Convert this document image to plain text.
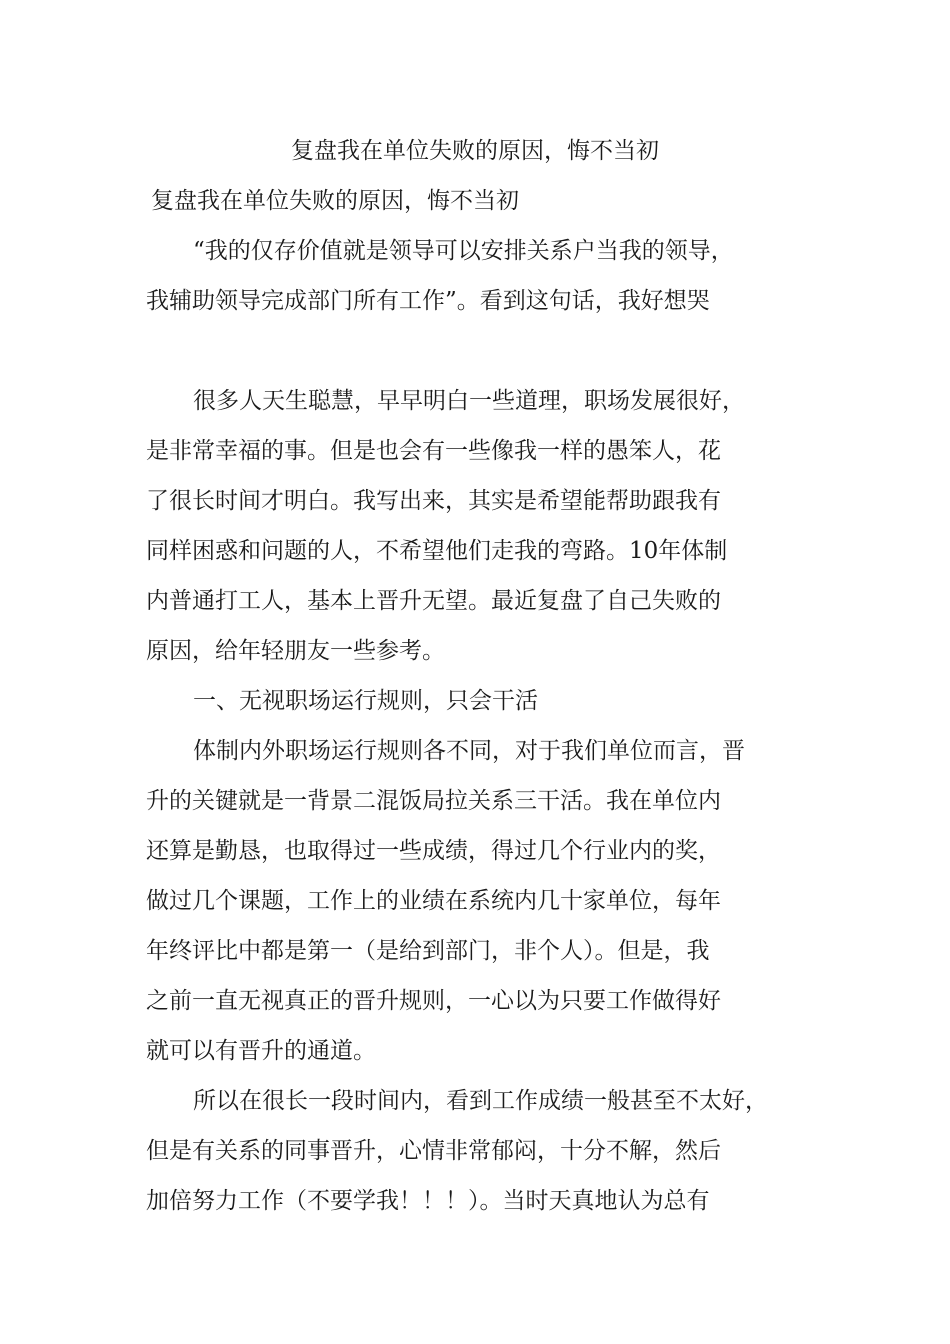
复盘我在单位失败的原因，悔不当初
复盘我在单位失败的原因，悔不当初
“我的仅存价值就是领导可以安排关系户当我的领导，
我辅助领导完成部门所有工作”。看到这句话，我好想哭
很多人天生聪慧，早早明白一些道理，职场发展很好，
是非常幸福的事。但是也会有一些像我一样的愚笨人，花
了很长时间才明白。我写出来，其实是希望能帮助跟我有
同样困惑和问题的人，不希望他们走我的弯路。10年体制
内普通打工人，基本上晋升无望。最近复盘了自己失败的
原因，给年轻朋友一些参考。
一、无视职场运行规则，只会干活
体制内外职场运行规则各不同，对于我们单位而言，晋
升的关键就是一背景二混饭局拉关系三干活。我在单位内
还算是勤恳，也取得过一些成绩，得过几个行业内的奖，
做过几个课题，工作上的业绩在系统内几十家单位，每年
年终评比中都是第一（是给到部门，非个人）。但是，我
之前一直无视真正的晋升规则，一心以为只要工作做得好
就可以有晋升的通道。
所以在很长一段时间内，看到工作成绩一般甚至不太好，
但是有关系的同事晋升，心情非常郁闷，十分不解，然后
加倍努力工作（不要学我！！！）。当时天真地认为总有
